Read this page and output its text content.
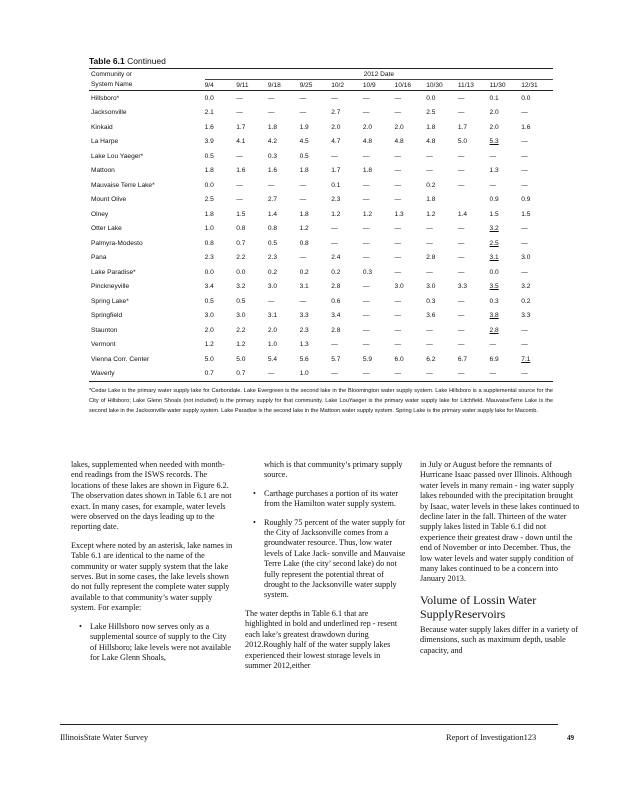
Table 6.1 Continued
Community or	2012 Date										
System Name	9/4	9/11	9/18	9/25	10/2	10/9	10/16	10/30	11/13	11/30	12/31
Hillsboro*	0.0	—	—	—	—	—	—	0.0	—	0.1	0.0
Jacksonville	2.1	—	—	—	2.7	—	—	2.5	—	2.0	—
Kinkaid	1.6	1.7	1.8	1.9	2.0	2.0	2.0	1.8	1.7	2.0	1.6
La Harpe	3.9	4.1	4.2	4.5	4.7	4.8	4.8	4.8	5.0	5.3	—
Lake Lou Yaeger*	0.5	—	0.3	0.5	—	—	—	—	—	—	—
Mattoon	1.8	1.6	1.6	1.8	1.7	1.8	—	—	—	1.3	—
Mauvaise Terre Lake*	0.0	—	—	—	0.1	—	—	0.2	—	—	—
Mount Olive	2.5	—	2.7	—	2.3	—	—	1.8		0.9	0.9
Olney	1.8	1.5	1.4	1.8	1.2	1.2	1.3	1.2	1.4	1.5	1.5
Otter Lake	1.0	0.8	0.8	1.2	—	—	—	—	—	3.2	—
Palmyra-Modesto	0.8	0.7	0.5	0.8	—	—	—	—	—	2.5	—
Pana	2.3	2.2	2.3	—	2.4	—	—	2.8	—	3.1	3.0
Lake Paradise*	0.0	0.0	0.2	0.2	0.2	0.3	—	—	—	0.0	—
Pinckneyville	3.4	3.2	3.0	3.1	2.8	—	3.0	3.0	3.3	3.5	3.2
Spring Lake*	0.5	0.5	—	—	0.6	—	—	0.3	—	0.3	0.2
Springfield	3.0	3.0	3.1	3.3	3.4	—	—	3.6	—	3.8	3.3
Staunton	2.0	2.2	2.0	2.3	2.8	—	—	—	—	2.8	—
Vermont	1.2	1.2	1.0	1.3	—	—	—	—	—	—	—
Vienna Corr. Center	5.0	5.0	5.4	5.6	5.7	5.9	6.0	6.2	6.7	6.9	7.1
Waverly	0.7	0.7	—	1.0	—	—	—	—	—	—	—
*Cedar Lake is the primary water supply lake for Carbondale. Lake Evergreen is the second lake in the Bloomington water supply system. Lake Hillsboro is a supplemental source for the City of Hillsboro; Lake Glenn Shoals (not included) is the primary supply for that community. Lake LouYaeger is the primary water supply lake for Litchfield. MauvaiseTerre Lake is the second lake in the Jacksonville water supply system. Lake Paradise is the second lake in the Mattoon water supply system. Spring Lake is the primary water supply lake for Macomb.

lakes, supplemented when needed with month-end readings from the ISWS records. The locations of these lakes are shown in Figure 6.2. The observation dates shown in Table 6.1 are not exact. In many cases, for example, water levels were observed on the days leading up to the reporting date.

Except where noted by an asterisk, lake names in Table 6.1 are identical to the name of the community or water supply system that the lake serves. But in some cases, the lake levels shown do not fully represent the complete water supply available to that community’s water supply system. For example:

• Lake Hillsboro now serves only as a supplemental source of supply to the City of Hillsboro; lake levels were not available for Lake Glenn Shoals,

which is that community’s primary supply source.

• Carthage purchases a portion of its water from the Hamilton water supply system.
• Roughly 75 percent of the water supply for the City of Jacksonville comes from a groundwater resource. Thus, low water levels of Lake Jack- sonville and Mauvaise Terre Lake (the city’ second lake) do not fully represent the potential threat of drought to the Jacksonville water supply system.

The water depths in Table 6.1 that are highlighted in bold and underlined rep - resent each lake’s greatest drawdown during 2012.Roughly half of the water supply lakes experienced their lowest storage levels in summer 2012,either

in July or August before the remnants of Hurricane Isaac passed over Illinois. Although water levels in many remain - ing water supply lakes rebounded with the precipitation brought by Isaac, water levels in these lakes continued to decline later in the fall. Thirteen of the water supply lakes listed in Table 6.1 did not experience their greatest draw - down until the end of November or into December. Thus, the low water levels and water supply condition of many lakes continued to be a concern into January 2013.

Volume of Lossin Water SupplyReservoirs

Because water supply lakes differ in a variety of dimensions, such as maximum depth, usable capacity, and

IllinoisState Water Survey	Report of Investigation123	49
